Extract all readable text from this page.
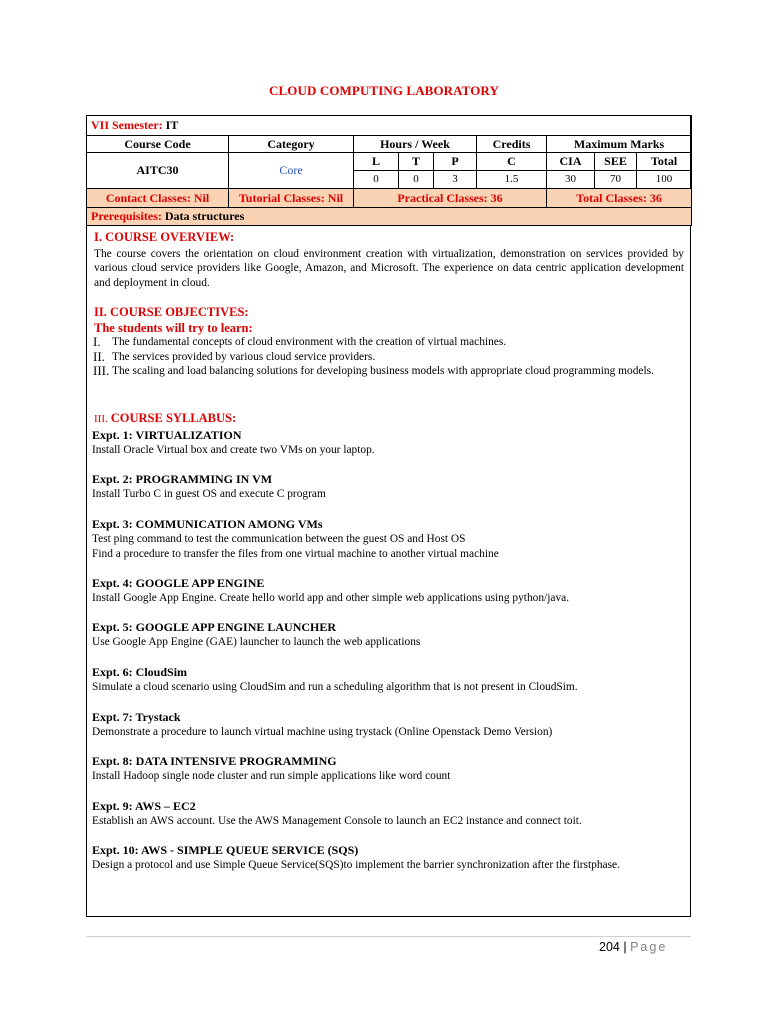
CLOUD COMPUTING LABORATORY
VII Semester: IT								
Course Code	Category	Hours / Week			Credits	Maximum Marks		
AITC30	Core	L	T	P	C	CIA	SEE	Total
		0	0	3	1.5	30	70	100
Contact Classes: Nil	Tutorial Classes: Nil	Practical Classes: 36				Total Classes: 36		
Prerequisites: Data structures								
I. COURSE OVERVIEW:

The course covers the orientation on cloud environment creation with virtualization, demonstration on services provided by various cloud service providers like Google, Amazon, and Microsoft. The experience on data centric application development and deployment in cloud.

II. COURSE OBJECTIVES:
The students will try to learn:
I. The fundamental concepts of cloud environment with the creation of virtual machines.
II. The services provided by various cloud service providers.
III. The scaling and load balancing solutions for developing business models with appropriate cloud programming models.
III. COURSE SYLLABUS:
Expt. 1: VIRTUALIZATION
Install Oracle Virtual box and create two VMs on your laptop.
Expt. 2: PROGRAMMING IN VM
Install Turbo C in guest OS and execute C program
Expt. 3: COMMUNICATION AMONG VMs
Test ping command to test the communication between the guest OS and Host OS
Find a procedure to transfer the files from one virtual machine to another virtual machine
Expt. 4: GOOGLE APP ENGINE
Install Google App Engine. Create hello world app and other simple web applications using python/java.
Expt. 5: GOOGLE APP ENGINE LAUNCHER
Use Google App Engine (GAE) launcher to launch the web applications
Expt. 6: CloudSim
Simulate a cloud scenario using CloudSim and run a scheduling algorithm that is not present in CloudSim.
Expt. 7: Trystack
Demonstrate a procedure to launch virtual machine using trystack (Online Openstack Demo Version)
Expt. 8: DATA INTENSIVE PROGRAMMING
Install Hadoop single node cluster and run simple applications like word count
Expt. 9: AWS – EC2
Establish an AWS account. Use the AWS Management Console to launch an EC2 instance and connect toit.
Expt. 10: AWS - SIMPLE QUEUE SERVICE (SQS)
Design a protocol and use Simple Queue Service(SQS)to implement the barrier synchronization after the firstphase.
204 | Page
